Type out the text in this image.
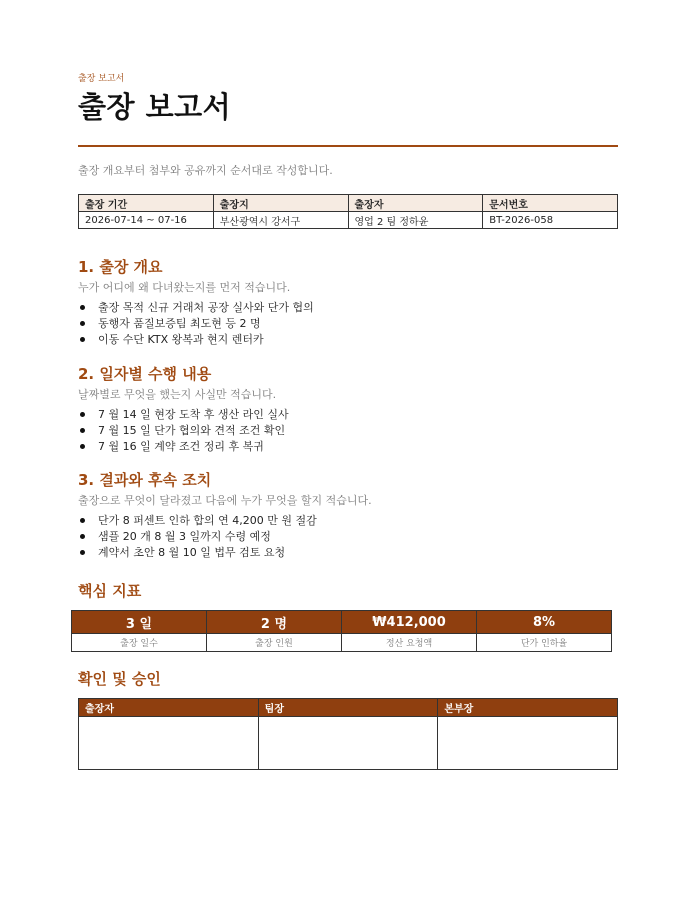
출장 보고서
출장 보고서
출장 개요부터 첨부와 공유까지 순서대로 작성합니다.
출장 기간	출장지	출장자	문서번호
2026-07-14 ~ 07-16	부산광역시 강서구	영업 2 팀 정하윤	BT-2026-058
1. 출장 개요
누가 어디에 왜 다녀왔는지를 먼저 적습니다.
출장 목적 신규 거래처 공장 실사와 단가 협의
동행자 품질보증팀 최도현 등 2 명
이동 수단 KTX 왕복과 현지 렌터카
2. 일자별 수행 내용
날짜별로 무엇을 했는지 사실만 적습니다.
7 월 14 일 현장 도착 후 생산 라인 실사
7 월 15 일 단가 협의와 견적 조건 확인
7 월 16 일 계약 조건 정리 후 복귀
3. 결과와 후속 조치
출장으로 무엇이 달라졌고 다음에 누가 무엇을 할지 적습니다.
단가 8 퍼센트 인하 합의 연 4,200 만 원 절감
샘플 20 개 8 월 3 일까지 수령 예정
계약서 초안 8 월 10 일 법무 검토 요청
핵심 지표
3 일	2 명	₩412,000	8%
출장 일수	출장 인원	정산 요청액	단가 인하율
확인 및 승인
출장자	팀장	본부장
